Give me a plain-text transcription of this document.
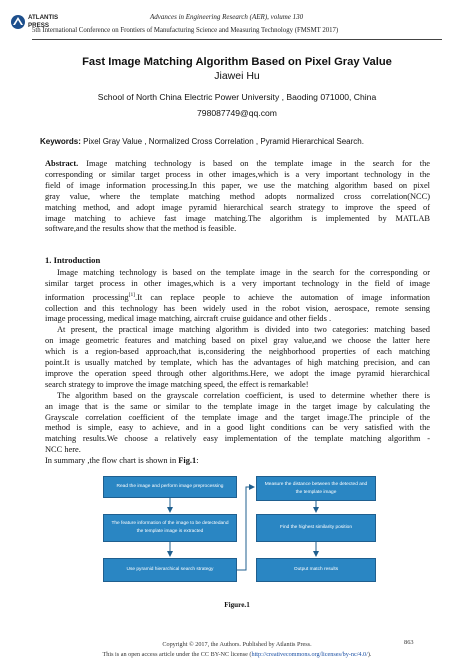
ATLANTIS
PRESS
Advances in Engineering Research (AER), volume 130
5th International Conference on Frontiers of Manufacturing Science and Measuring Technology (FMSMT 2017)
Fast Image Matching Algorithm Based on Pixel Gray Value
Jiawei Hu
School of North China Electric Power University , Baoding 071000, China
798087749@qq.com
Keywords: Pixel Gray Value , Normalized Cross Correlation , Pyramid Hierarchical Search.
Abstract. Image matching technology is based on the template image in the search for the
corresponding or similar target process in other images,which is a very important technology in the
field of image information processing.In this paper, we use the matching algorithm based on pixel
gray value, where the template matching method adopts normalized cross correlation(NCC)
matching method, and adopt image pyramid hierarchical search strategy to improve the speed of
image matching to achieve fast image matching.The algorithm is implemented by MATLAB
software,and the results show that the method is feasible.
1. Introduction
Image matching technology is based on the template image in the search for the corresponding or
similar target process in other images,which is a very important technology in the field of image
information processing[1].It can replace people to achieve the automation of image information
collection and this technology has been widely used in the robot vision, aerospace, remote sensing
image processing, medical image matching, aircraft cruise guidance and other fields .
At present, the practical image matching algorithm is divided into two categories: matching based
on image geometric features and matching based on pixel gray value,and we choose the latter here
which is a region-based approach,that is,considering the neighborhood properties of each matching
point.It is usually matched by template, which has the advantages of high matching precision, and can
improve the operation speed through other algorithms.Here, we adopt the image pyramid hierarchical
search strategy to improve the image matching speed, the effect is remarkable!
The algorithm based on the grayscale correlation coefficient, is used to determine whether there is
an image that is the same or similar to the template image in the target image by calculating the
Grayscale correlation coefficient of the template image and the target image.The principle of the
method is simple, easy to achieve, and in a good light conditions can be very satisfied with the
matching results.We choose a relatively easy implementation of the template matching algorithm -
NCC here.
In summary ,the flow chart is shown in Fig.1:
Read the image and perform image preprocessing
The feature information of the image to be detectedand the template image is extracted
Use pyramid hierarchical search strategy
Measure the distance between the detected and the template image
Find the highest similarity position
Output match results
Figure.1
Copyright © 2017, the Authors. Published by Atlantis Press.
This is an open access article under the CC BY-NC license (http://creativecommons.org/licenses/by-nc/4.0/).
863
